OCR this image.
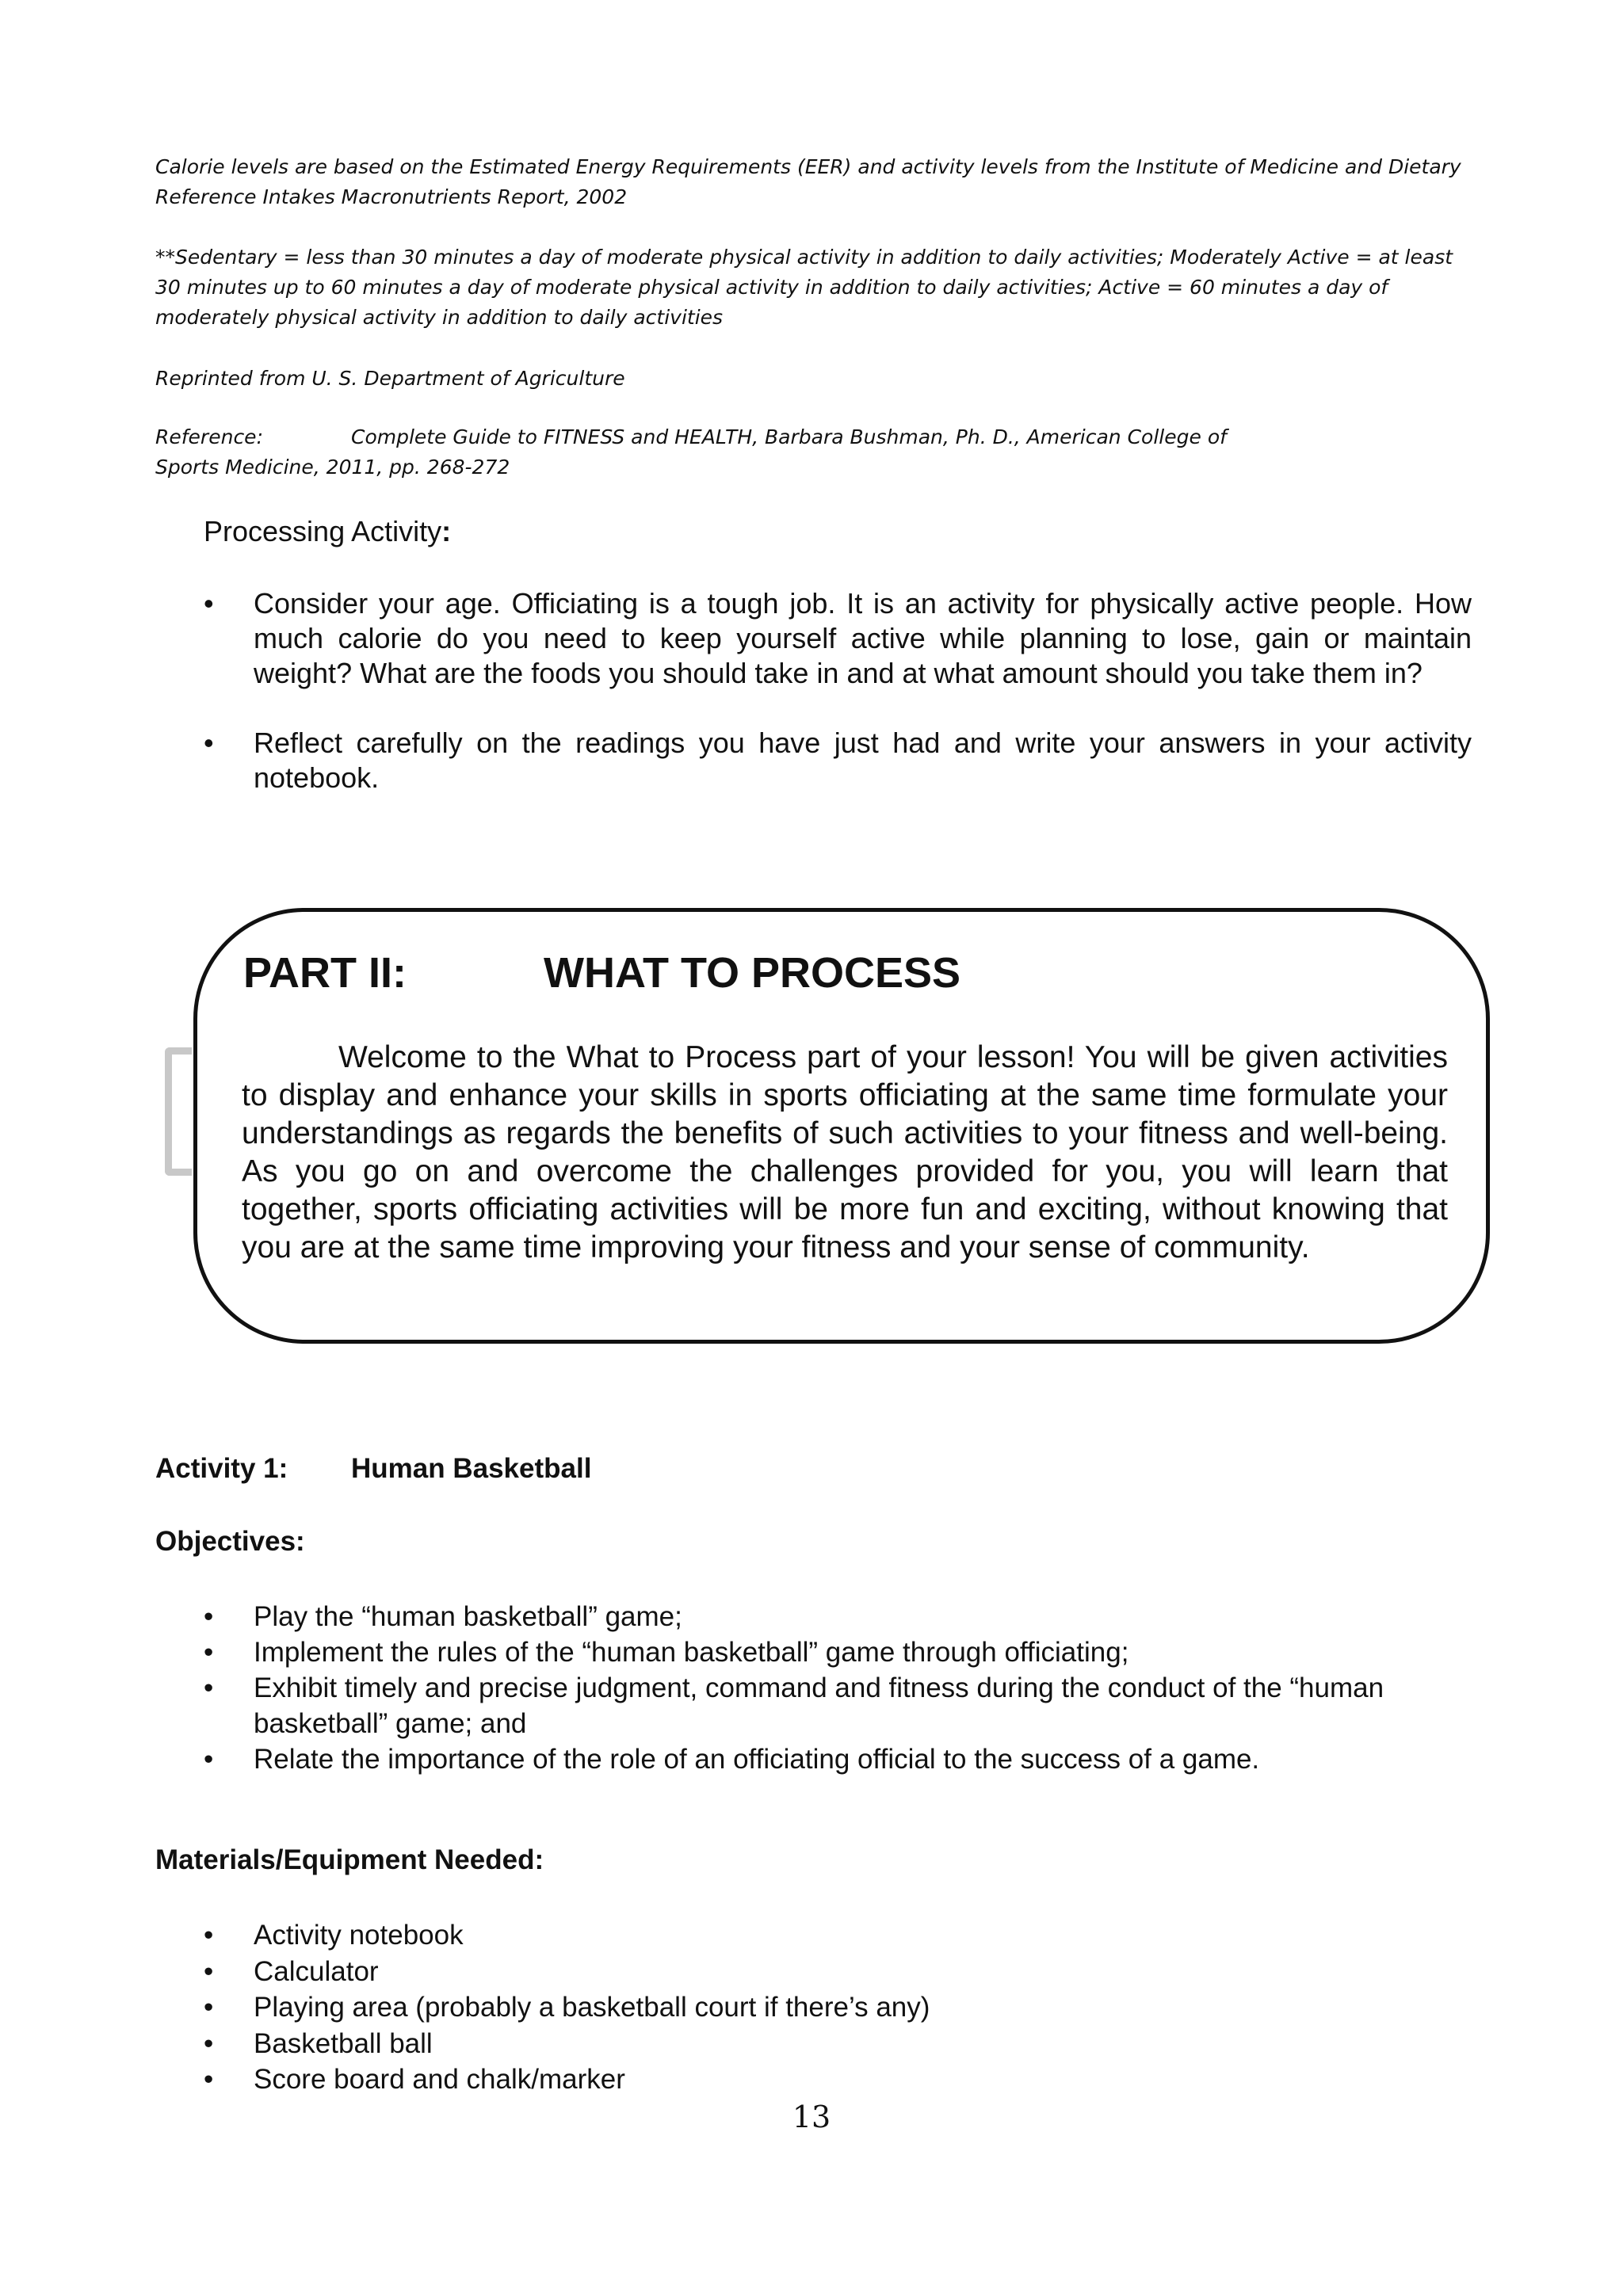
Calorie levels are based on the Estimated Energy Requirements (EER) and activity levels from the Institute of Medicine and Dietary Reference Intakes Macronutrients Report, 2002

**Sedentary = less than 30 minutes a day of moderate physical activity in addition to daily activities; Moderately Active = at least 30 minutes up to 60 minutes a day of moderate physical activity in addition to daily activities; Active = 60 minutes a day of moderately physical activity in addition to daily activities

Reprinted from U. S. Department of Agriculture

Reference:	Complete Guide to FITNESS and HEALTH, Barbara Bushman, Ph. D., American College of
Sports Medicine, 2011, pp. 268-272

Processing Activity:
• Consider your age. Officiating is a tough job. It is an activity for physically active people. How much calorie do you need to keep yourself active while planning to lose, gain or maintain weight? What are the foods you should take in and at what amount should you take them in?
• Reflect carefully on the readings you have just had and write your answers in your activity notebook.
PART II:	WHAT TO PROCESS

Welcome to the What to Process part of your lesson! You will be given activities to display and enhance your skills in sports officiating at the same time formulate your understandings as regards the benefits of such activities to your fitness and well-being. As you go on and overcome the challenges provided for you, you will learn that together, sports officiating activities will be more fun and exciting, without knowing that you are at the same time improving your fitness and your sense of community.

Activity 1: Human Basketball

Objectives:

• Play the “human basketball” game;
• Implement the rules of the “human basketball” game through officiating;
• Exhibit timely and precise judgment, command and fitness during the conduct of the “human basketball” game; and
• Relate the importance of the role of an officiating official to the success of a game.

Materials/Equipment Needed:

• Activity notebook
• Calculator
• Playing area (probably a basketball court if there’s any)
• Basketball ball
• Score board and chalk/marker

13
